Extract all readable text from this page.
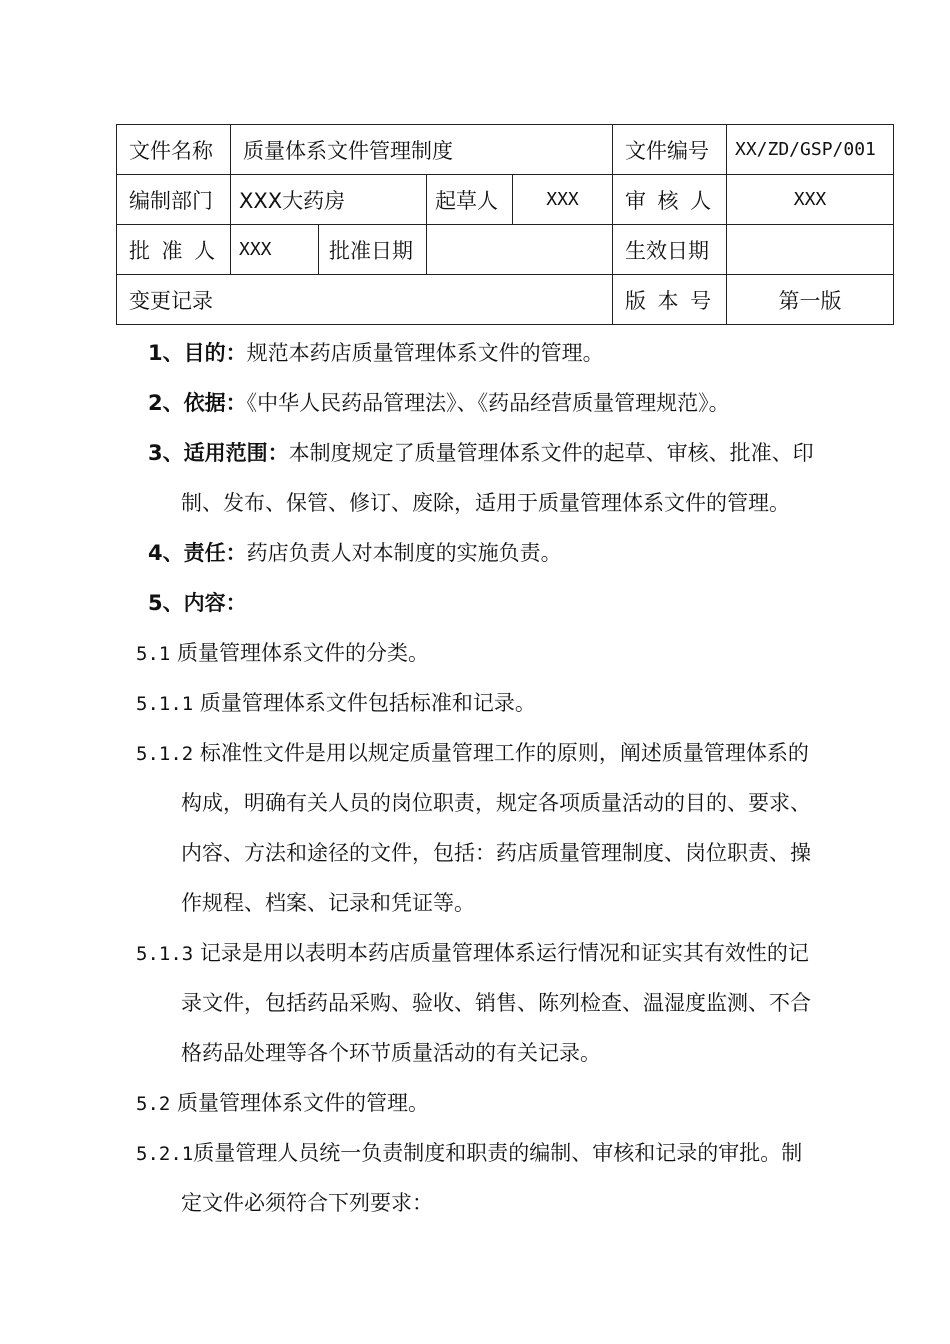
文件名称	质量体系文件管理制度				文件编号	XX/ZD/GSP/001
编制部门	XXX大药房		起草人	XXX	审核人	XXX
批准人	XXX	批准日期			生效日期	
变更记录					版本号	第一版
1、目的：规范本药店质量管理体系文件的管理。
2、依据：《中华人民药品管理法》、《药品经营质量管理规范》。
3、适用范围：本制度规定了质量管理体系文件的起草、审核、批准、印
制、发布、保管、修订、废除，适用于质量管理体系文件的管理。
4、责任：药店负责人对本制度的实施负责。
5、内容：
5.1 质量管理体系文件的分类。
5.1.1 质量管理体系文件包括标准和记录。
5.1.2 标准性文件是用以规定质量管理工作的原则，阐述质量管理体系的
构成，明确有关人员的岗位职责，规定各项质量活动的目的、要求、
内容、方法和途径的文件，包括：药店质量管理制度、岗位职责、操
作规程、档案、记录和凭证等。
5.1.3 记录是用以表明本药店质量管理体系运行情况和证实其有效性的记
录文件，包括药品采购、验收、销售、陈列检查、温湿度监测、不合
格药品处理等各个环节质量活动的有关记录。
5.2 质量管理体系文件的管理。
5.2.1质量管理人员统一负责制度和职责的编制、审核和记录的审批。制
定文件必须符合下列要求：
